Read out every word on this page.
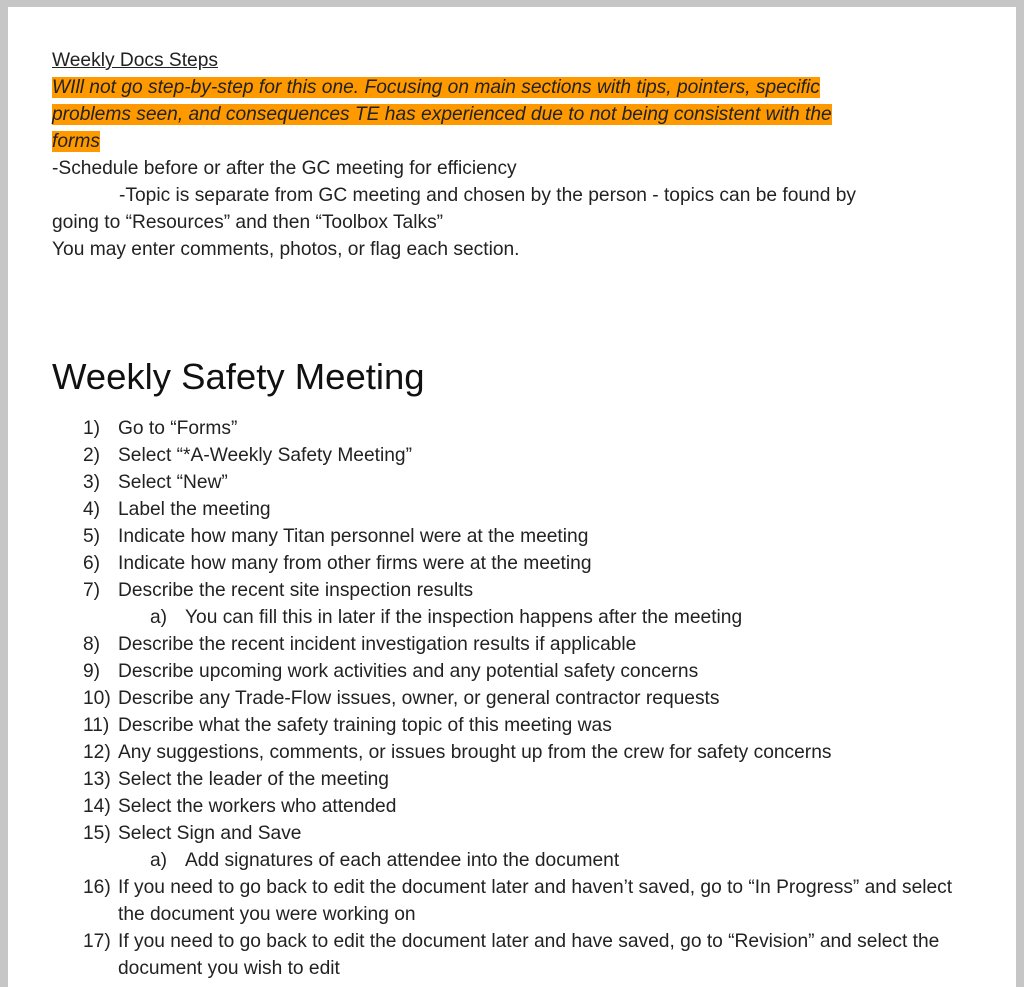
Weekly Docs Steps
WIll not go step-by-step for this one. Focusing on main sections with tips, pointers, specific
problems seen, and consequences TE has experienced due to not being consistent with the
forms
-Schedule before or after the GC meeting for efficiency
-Topic is separate from GC meeting and chosen by the person - topics can be found by
going to “Resources” and then “Toolbox Talks”
You may enter comments, photos, or flag each section.
Weekly Safety Meeting
1) Go to “Forms”
2) Select “*A-Weekly Safety Meeting”
3) Select “New”
4) Label the meeting
5) Indicate how many Titan personnel were at the meeting
6) Indicate how many from other firms were at the meeting
7) Describe the recent site inspection results
a) You can fill this in later if the inspection happens after the meeting
8) Describe the recent incident investigation results if applicable
9) Describe upcoming work activities and any potential safety concerns
10) Describe any Trade-Flow issues, owner, or general contractor requests
11) Describe what the safety training topic of this meeting was
12) Any suggestions, comments, or issues brought up from the crew for safety concerns
13) Select the leader of the meeting
14) Select the workers who attended
15) Select Sign and Save
a) Add signatures of each attendee into the document
16) If you need to go back to edit the document later and haven’t saved, go to “In Progress” and select the document you were working on
17) If you need to go back to edit the document later and have saved, go to “Revision” and select the document you wish to edit
